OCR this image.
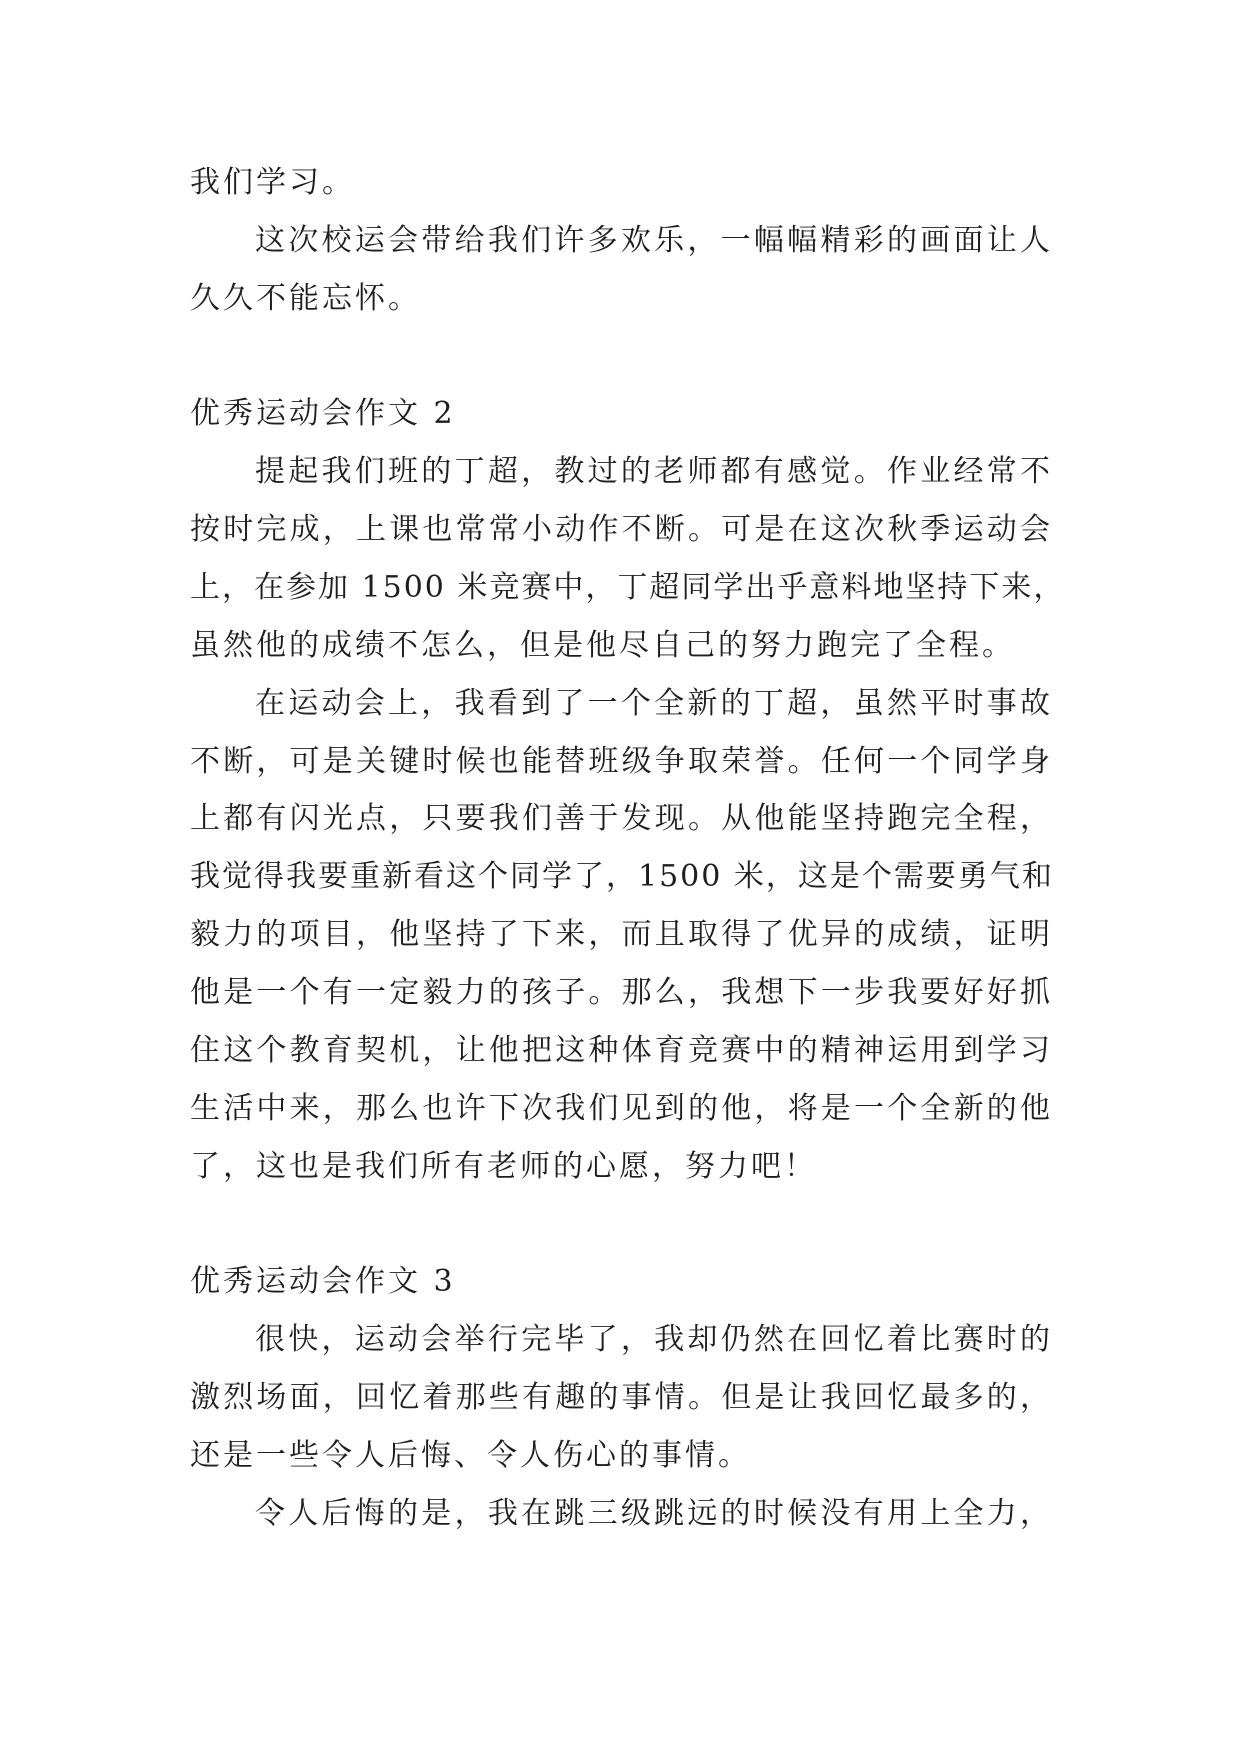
我们学习。
这次校运会带给我们许多欢乐，一幅幅精彩的画面让人
久久不能忘怀。
优秀运动会作文 2
提起我们班的丁超，教过的老师都有感觉。作业经常不
按时完成，上课也常常小动作不断。可是在这次秋季运动会
上，在参加 1500 米竞赛中，丁超同学出乎意料地坚持下来，
虽然他的成绩不怎么，但是他尽自己的努力跑完了全程。
在运动会上，我看到了一个全新的丁超，虽然平时事故
不断，可是关键时候也能替班级争取荣誉。任何一个同学身
上都有闪光点，只要我们善于发现。从他能坚持跑完全程，
我觉得我要重新看这个同学了，1500 米，这是个需要勇气和
毅力的项目，他坚持了下来，而且取得了优异的成绩，证明
他是一个有一定毅力的孩子。那么，我想下一步我要好好抓
住这个教育契机，让他把这种体育竞赛中的精神运用到学习
生活中来，那么也许下次我们见到的他，将是一个全新的他
了，这也是我们所有老师的心愿，努力吧！
优秀运动会作文 3
很快，运动会举行完毕了，我却仍然在回忆着比赛时的
激烈场面，回忆着那些有趣的事情。但是让我回忆最多的，
还是一些令人后悔、令人伤心的事情。
令人后悔的是，我在跳三级跳远的时候没有用上全力，
